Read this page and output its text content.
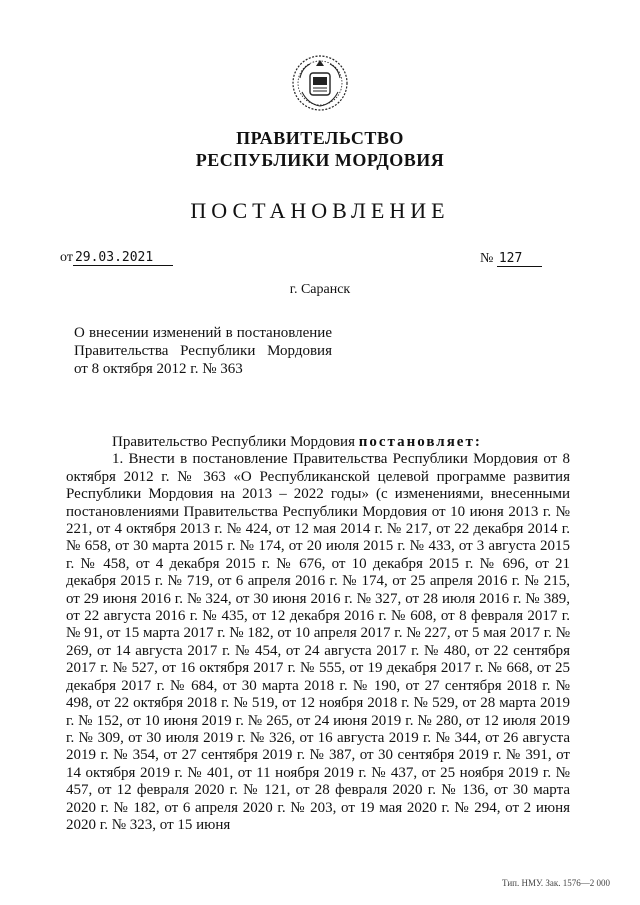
ПРАВИТЕЛЬСТВО
РЕСПУБЛИКИ МОРДОВИЯ
ПОСТАНОВЛЕНИЕ
от 29.03.2021	№ 127
г. Саранск
О внесении изменений в постановление Правительства Республики Мордовия от 8 октября 2012 г. № 363

Правительство Республики Мордовия постановляет:

1. Внести в постановление Правительства Республики Мордовия от 8 октября 2012 г. № 363 «О Республиканской целевой программе развития Республики Мордовия на 2013 – 2022 годы» (с изменениями, внесенными постановлениями Правительства Республики Мордовия от 10 июня 2013 г. № 221, от 4 октября 2013 г. № 424, от 12 мая 2014 г. № 217, от 22 декабря 2014 г. № 658, от 30 марта 2015 г. № 174, от 20 июля 2015 г. № 433, от 3 августа 2015 г. № 458, от 4 декабря 2015 г. № 676, от 10 декабря 2015 г. № 696, от 21 декабря 2015 г. № 719, от 6 апреля 2016 г. № 174, от 25 апреля 2016 г. № 215, от 29 июня 2016 г. № 324, от 30 июня 2016 г. № 327, от 28 июля 2016 г. № 389, от 22 августа 2016 г. № 435, от 12 декабря 2016 г. № 608, от 8 февраля 2017 г. № 91, от 15 марта 2017 г. № 182, от 10 апреля 2017 г. № 227, от 5 мая 2017 г. № 269, от 14 августа 2017 г. № 454, от 24 августа 2017 г. № 480, от 22 сентября 2017 г. № 527, от 16 октября 2017 г. № 555, от 19 декабря 2017 г. № 668, от 25 декабря 2017 г. № 684, от 30 марта 2018 г. № 190, от 27 сентября 2018 г. № 498, от 22 октября 2018 г. № 519, от 12 ноября 2018 г. № 529, от 28 марта 2019 г. № 152, от 10 июня 2019 г. № 265, от 24 июня 2019 г. № 280, от 12 июля 2019 г. № 309, от 30 июля 2019 г. № 326, от 16 августа 2019 г. № 344, от 26 августа 2019 г. № 354, от 27 сентября 2019 г. № 387, от 30 сентября 2019 г. № 391, от 14 октября 2019 г. № 401, от 11 ноября 2019 г. № 437, от 25 ноября 2019 г. № 457, от 12 февраля 2020 г. № 121, от 28 февраля 2020 г. № 136, от 30 марта 2020 г. № 182, от 6 апреля 2020 г. № 203, от 19 мая 2020 г. № 294, от 2 июня 2020 г. № 323, от 15 июня

Тип. НМУ. Зак. 1576—2 000
